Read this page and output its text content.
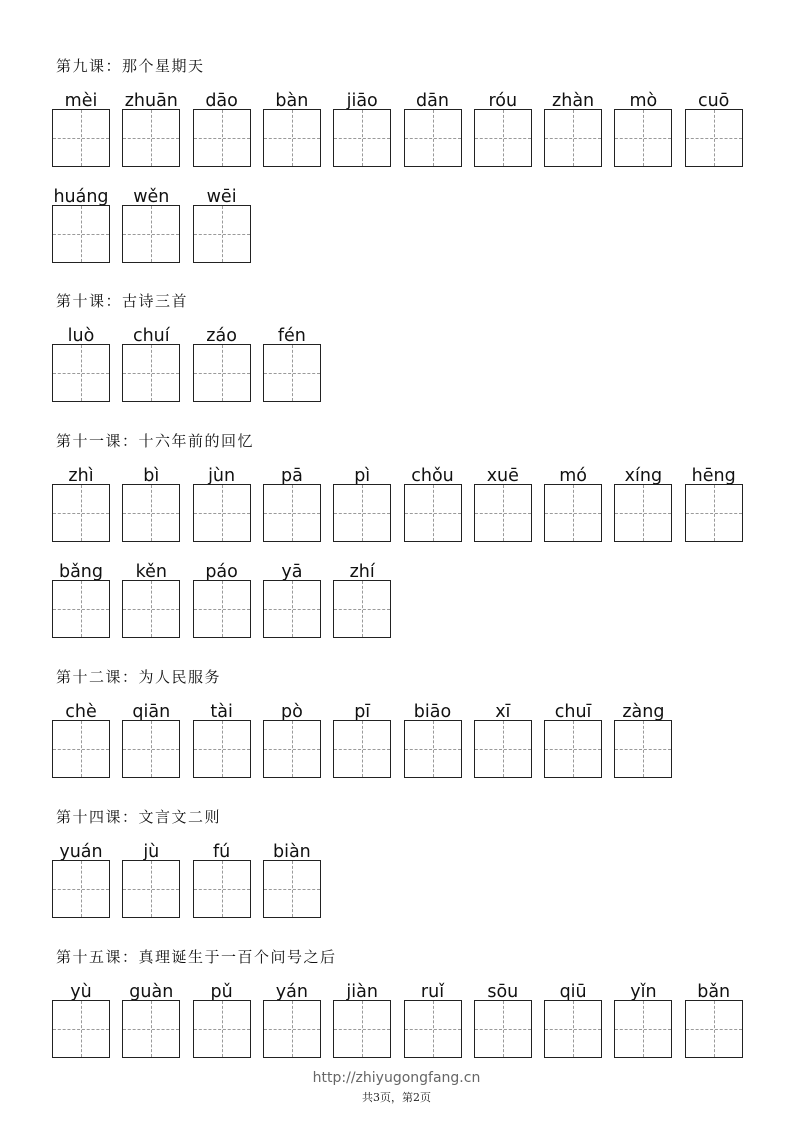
第九课：那个星期天
mèi	zhuān	dāo	bàn	jiāo	dān	róu	zhàn	mò	cuō
huáng	wěn	wēi
第十课：古诗三首
luò	chuí	záo	fén
第十一课：十六年前的回忆
zhì	bì	jùn	pā	pì	chǒu	xuē	mó	xíng	hēng
bǎng	kěn	páo	yā	zhí
第十二课：为人民服务
chè	qiān	tài	pò	pī	biāo	xī	chuī	zàng
第十四课：文言文二则
yuán	jù	fú	biàn
第十五课：真理诞生于一百个问号之后
yù	guàn	pǔ	yán	jiàn	ruǐ	sōu	qiū	yǐn	bǎn
http://zhiyugongfang.cn
共3页，第2页
